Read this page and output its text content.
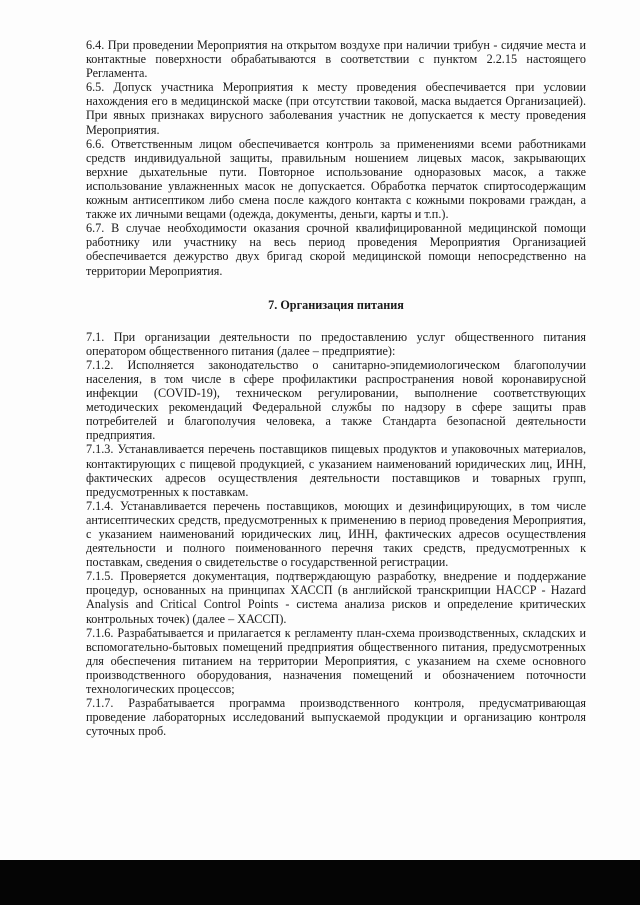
6.4. При проведении Мероприятия на открытом воздухе при наличии трибун - сидячие места и контактные поверхности обрабатываются в соответствии с пунктом 2.2.15 настоящего Регламента.

6.5. Допуск участника Мероприятия к месту проведения обеспечивается при условии нахождения его в медицинской маске (при отсутствии таковой, маска выдается Организацией). При явных признаках вирусного заболевания участник не допускается к месту проведения Мероприятия.

6.6. Ответственным лицом обеспечивается контроль за применениями всеми работниками средств индивидуальной защиты, правильным ношением лицевых масок, закрывающих верхние дыхательные пути. Повторное использование одноразовых масок, а также использование увлажненных масок не допускается. Обработка перчаток спиртосодержащим кожным антисептиком либо смена после каждого контакта с кожными покровами граждан, а также их личными вещами (одежда, документы, деньги, карты и т.п.).

6.7. В случае необходимости оказания срочной квалифицированной медицинской помощи работнику или участнику на весь период проведения Мероприятия Организацией обеспечивается дежурство двух бригад скорой медицинской помощи непосредственно на территории Мероприятия.

7. Организация питания

7.1. При организации деятельности по предоставлению услуг общественного питания оператором общественного питания (далее – предприятие):

7.1.2. Исполняется законодательство о санитарно-эпидемиологическом благополучии населения, в том числе в сфере профилактики распространения новой коронавирусной инфекции (COVID-19), техническом регулировании, выполнение соответствующих методических рекомендаций Федеральной службы по надзору в сфере защиты прав потребителей и благополучия человека, а также Стандарта безопасной деятельности предприятия.

7.1.3. Устанавливается перечень поставщиков пищевых продуктов и упаковочных материалов, контактирующих с пищевой продукцией, с указанием наименований юридических лиц, ИНН, фактических адресов осуществления деятельности поставщиков и товарных групп, предусмотренных к поставкам.

7.1.4. Устанавливается перечень поставщиков, моющих и дезинфицирующих, в том числе антисептических средств, предусмотренных к применению в период проведения Мероприятия, с указанием наименований юридических лиц, ИНН, фактических адресов осуществления деятельности и полного поименованного перечня таких средств, предусмотренных к поставкам, сведения о свидетельстве о государственной регистрации.

7.1.5. Проверяется документация, подтверждающую разработку, внедрение и поддержание процедур, основанных на принципах ХАССП (в английской транскрипции HACCP - Hazard Analysis and Critical Control Points - система анализа рисков и определение критических контрольных точек) (далее – ХАССП).

7.1.6. Разрабатывается и прилагается к регламенту план-схема производственных, складских и вспомогательно-бытовых помещений предприятия общественного питания, предусмотренных для обеспечения питанием на территории Мероприятия, с указанием на схеме основного производственного оборудования, назначения помещений и обозначением поточности технологических процессов;

7.1.7. Разрабатывается программа производственного контроля, предусматривающая проведение лабораторных исследований выпускаемой продукции и организацию контроля суточных проб.
